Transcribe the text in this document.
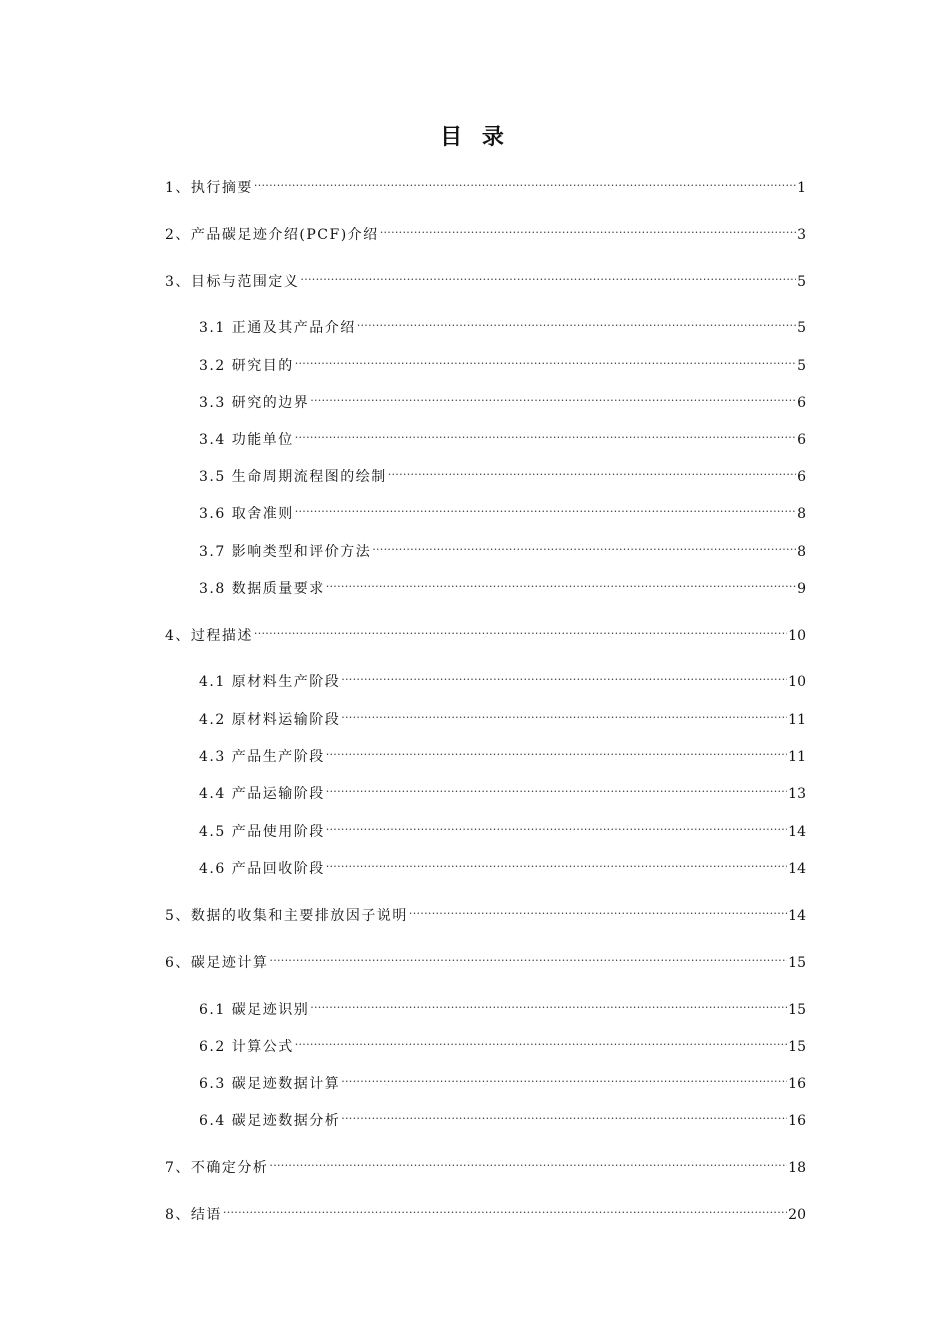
目 录
1、执行摘要 .....	1
2、产品碳足迹介绍(PCF)介绍 .....	3
3、目标与范围定义 .....	5
3.1 正通及其产品介绍 .....	5
3.2 研究目的 .....	5
3.3 研究的边界 .....	6
3.4 功能单位 .....	6
3.5 生命周期流程图的绘制 .....	6
3.6 取舍准则 .....	8
3.7 影响类型和评价方法 .....	8
3.8 数据质量要求 .....	9
4、过程描述 .....	10
4.1 原材料生产阶段 .....	10
4.2 原材料运输阶段 .....	11
4.3 产品生产阶段 .....	11
4.4 产品运输阶段 .....	13
4.5 产品使用阶段 .....	14
4.6 产品回收阶段 .....	14
5、数据的收集和主要排放因子说明 .....	14
6、碳足迹计算 .....	15
6.1 碳足迹识别 .....	15
6.2 计算公式 .....	15
6.3 碳足迹数据计算 .....	16
6.4 碳足迹数据分析 .....	16
7、不确定分析 .....	18
8、结语 .....	20
